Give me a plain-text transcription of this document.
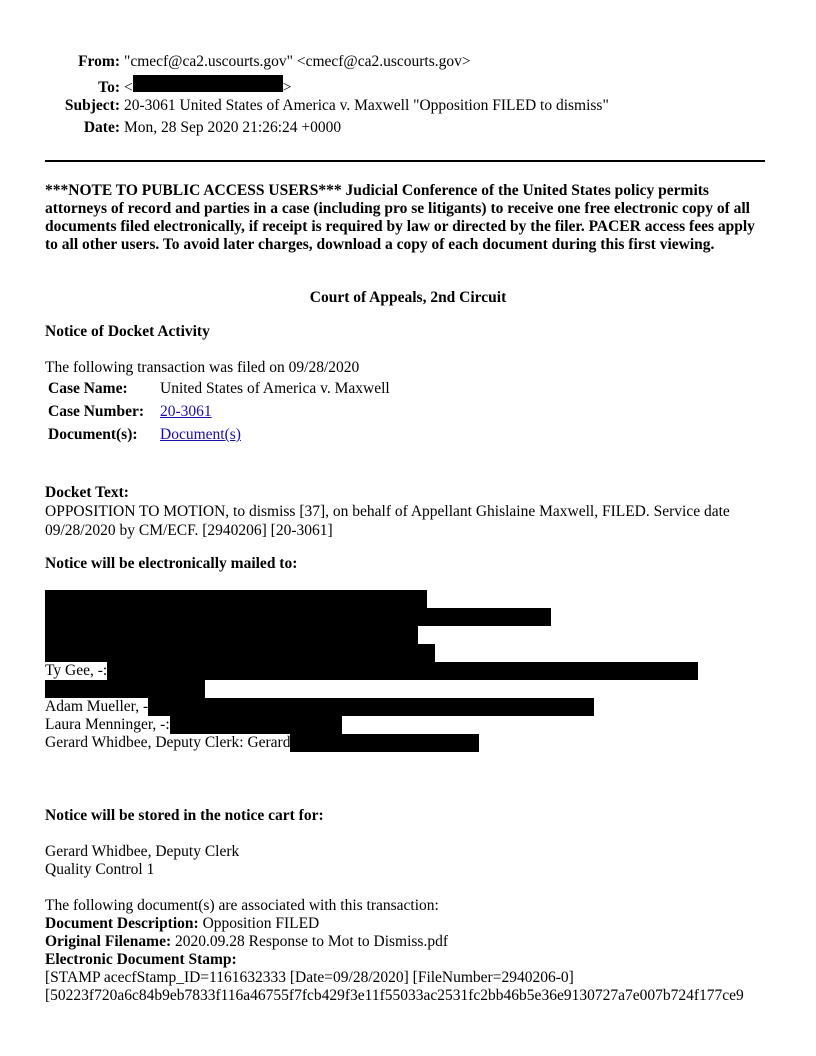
From: "cmecf@ca2.uscourts.gov" <cmecf@ca2.uscourts.gov>
To: <	>
Subject: 20-3061 United States of America v. Maxwell "Opposition FILED to dismiss"
Date: Mon, 28 Sep 2020 21:26:24 +0000
***NOTE TO PUBLIC ACCESS USERS*** Judicial Conference of the United States policy permits attorneys of record and parties in a case (including pro se litigants) to receive one free electronic copy of all documents filed electronically, if receipt is required by law or directed by the filer. PACER access fees apply to all other users. To avoid later charges, download a copy of each document during this first viewing.
Court of Appeals, 2nd Circuit
Notice of Docket Activity
The following transaction was filed on 09/28/2020
Case Name:	United States of America v. Maxwell
Case Number:	20-3061
Document(s):	Document(s)
Docket Text:
OPPOSITION TO MOTION, to dismiss [37], on behalf of Appellant Ghislaine Maxwell, FILED. Service date 09/28/2020 by CM/ECF. [2940206] [20-3061]
Notice will be electronically mailed to:
Ty Gee, -:
Adam Mueller, -
Laura Menninger, -:
Gerard Whidbee, Deputy Clerk: Gerard
Notice will be stored in the notice cart for:
Gerard Whidbee, Deputy Clerk
Quality Control 1
The following document(s) are associated with this transaction:
Document Description: Opposition FILED
Original Filename: 2020.09.28 Response to Mot to Dismiss.pdf
Electronic Document Stamp:
[STAMP acecfStamp_ID=1161632333 [Date=09/28/2020] [FileNumber=2940206-0]
[50223f720a6c84b9eb7833f116a46755f7fcb429f3e11f55033ac2531fc2bb46b5e36e9130727a7e007b724f177ce9
